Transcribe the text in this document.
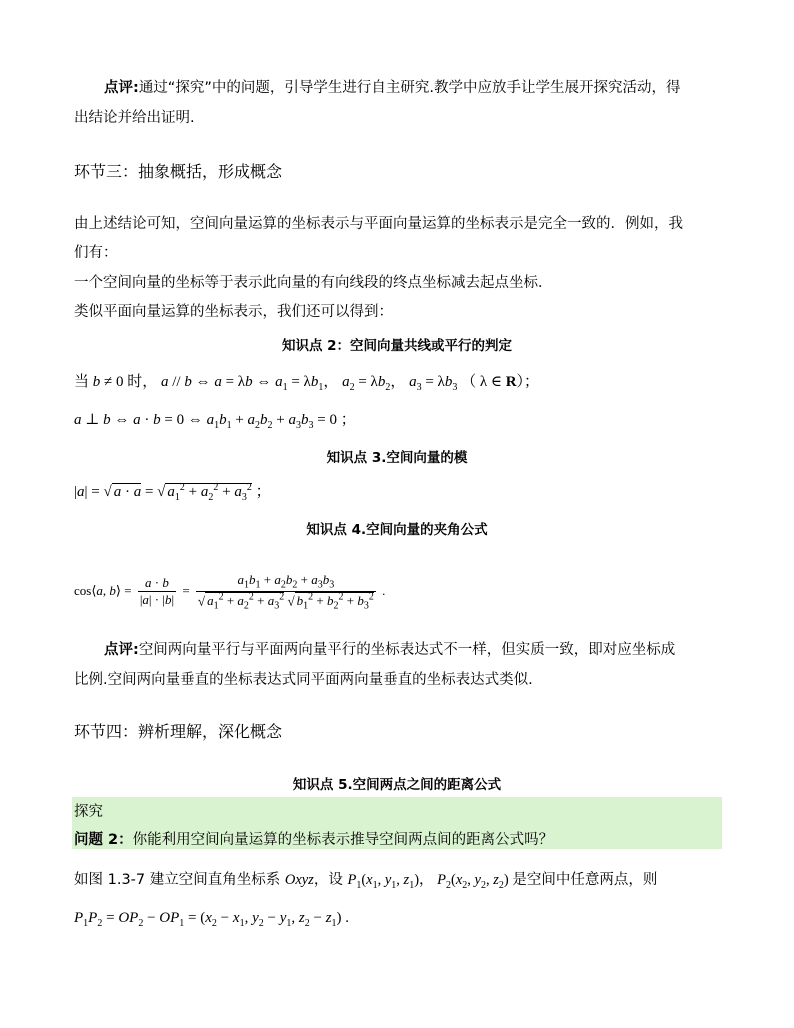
点评:通过“探究”中的问题，引导学生进行自主研究.教学中应放手让学生展开探究活动，得
出结论并给出证明.
环节三：抽象概括，形成概念
由上述结论可知，空间向量运算的坐标表示与平面向量运算的坐标表示是完全一致的．例如，我
们有：
一个空间向量的坐标等于表示此向量的有向线段的终点坐标减去起点坐标．
类似平面向量运算的坐标表示，我们还可以得到：
知识点 2：空间向量共线或平行的判定
当 b ≠ 0 时， a // b ⇔ a = λb ⇔ $a_1 = \lambda b_1$， $a_2 = \lambda b_2$， $a_3 = \lambda b_3$ （ λ ∈ R）；
a ⊥ b ⇔ a · b = 0 ⇔ $a_1b_1 + a_2b_2 + a_3b_3 = 0$ ；
知识点 3.空间向量的模
|a| = √ a · a = √ $a_1^2 + a_2^2 + a_3^2$ ；
知识点 4.空间向量的夹角公式
cos⟨a, b⟩ = $\frac{a \cdot b}{|a| \cdot |b|} = \frac{a_1b_1 + a_2b_2 + a_3b_3}{√ a_1^2 + a_2^2 + a_3^2 √ b_1^2 + b_2^2 + b_3^2}$ .
点评:空间两向量平行与平面两向量平行的坐标表达式不一样，但实质一致，即对应坐标成
比例.空间两向量垂直的坐标表达式同平面两向量垂直的坐标表达式类似.
环节四：辨析理解，深化概念
知识点 5.空间两点之间的距离公式
探究
问题 2：你能利用空间向量运算的坐标表示推导空间两点间的距离公式吗？
如图 1.3-7 建立空间直角坐标系 Oxyz，设 $P_1(x_1$, $y_1$, $z_1$)， $P_2(x_2$, $y_2$, $z_2$) 是空间中任意两点，则
$P_1P_2 = OP_2 - OP_1 = (x_2 - x_1$, $y_2 - y_1$, $z_2 - z_1$) .
